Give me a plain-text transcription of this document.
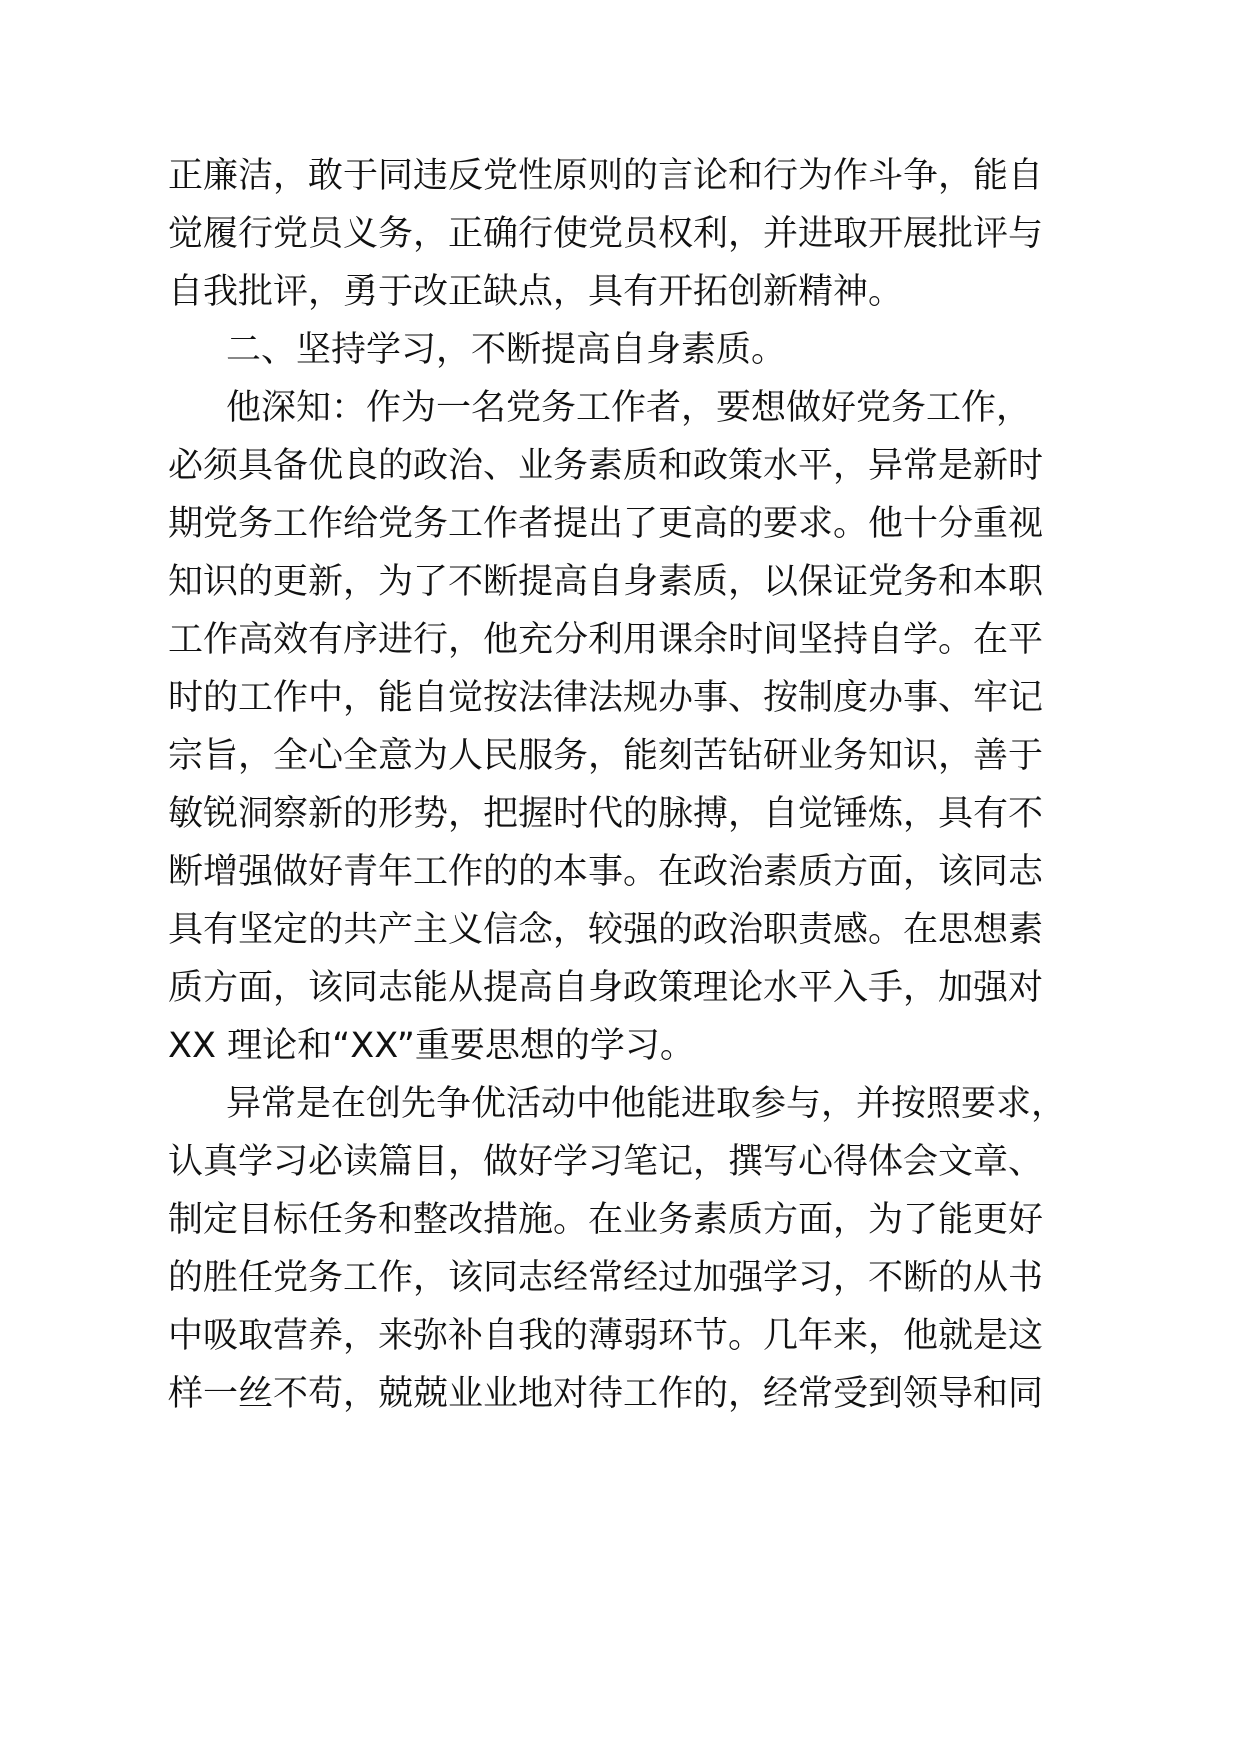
正廉洁，敢于同违反党性原则的言论和行为作斗争，能自

觉履行党员义务，正确行使党员权利，并进取开展批评与

自我批评，勇于改正缺点，具有开拓创新精神。

二、坚持学习，不断提高自身素质。

他深知：作为一名党务工作者，要想做好党务工作，

必须具备优良的政治、业务素质和政策水平，异常是新时

期党务工作给党务工作者提出了更高的要求。他十分重视

知识的更新，为了不断提高自身素质，以保证党务和本职

工作高效有序进行，他充分利用课余时间坚持自学。在平

时的工作中，能自觉按法律法规办事、按制度办事、牢记

宗旨，全心全意为人民服务，能刻苦钻研业务知识，善于

敏锐洞察新的形势，把握时代的脉搏，自觉锤炼，具有不

断增强做好青年工作的的本事。在政治素质方面，该同志

具有坚定的共产主义信念，较强的政治职责感。在思想素

质方面，该同志能从提高自身政策理论水平入手，加强对

XX 理论和“XX”重要思想的学习。

异常是在创先争优活动中他能进取参与，并按照要求，

认真学习必读篇目，做好学习笔记，撰写心得体会文章、

制定目标任务和整改措施。在业务素质方面，为了能更好

的胜任党务工作，该同志经常经过加强学习，不断的从书

中吸取营养，来弥补自我的薄弱环节。几年来，他就是这

样一丝不苟，兢兢业业地对待工作的，经常受到领导和同
